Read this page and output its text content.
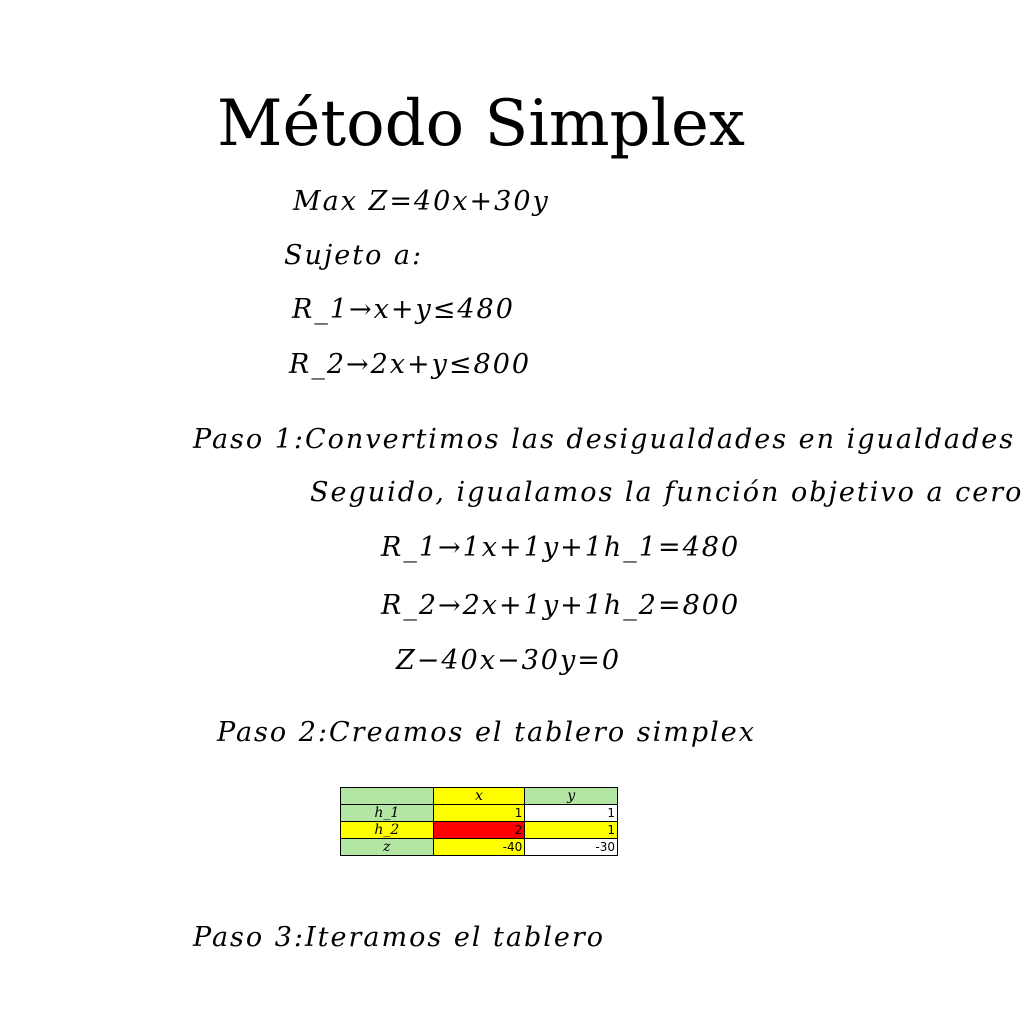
Método Simplex
Max Z=40x+30y
Sujeto a:
R_1→x+y≤480
R_2→2x+y≤800
Paso 1:Convertimos las desigualdades en igualdades
Seguido, igualamos la función objetivo a cero
R_1→1x+1y+1h_1=480
R_2→2x+1y+1h_2=800
Z−40x−30y=0
Paso 2:Creamos el tablero simplex
	x	y
h_1	1	1
h_2	2	1
z	-40	-30
Paso 3:Iteramos el tablero
